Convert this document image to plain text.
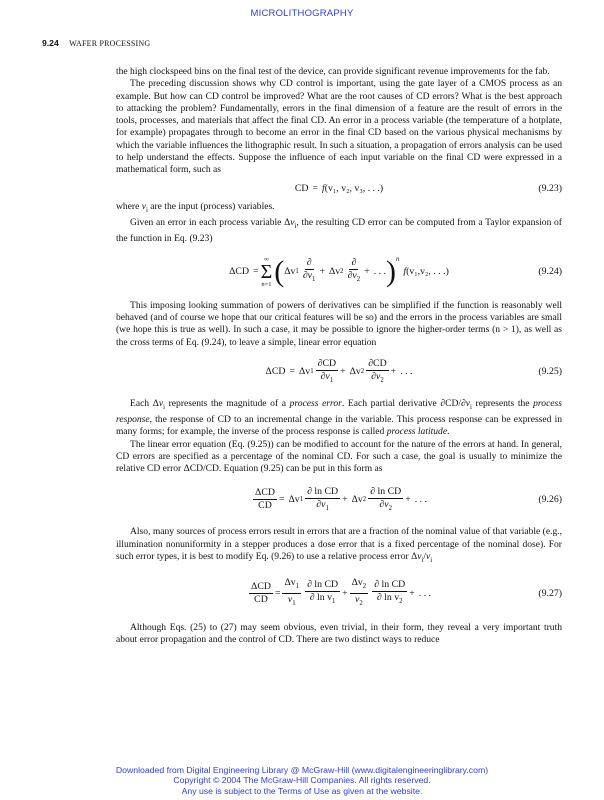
MICROLITHOGRAPHY
9.24 WAFER PROCESSING

the high clockspeed bins on the final test of the device, can provide significant revenue improvements for the fab.

The preceding discussion shows why CD control is important, using the gate layer of a CMOS process as an example. But how can CD control be improved? What are the root causes of CD errors? What is the best approach to attacking the problem? Fundamentally, errors in the final dimension of a feature are the result of errors in the tools, processes, and materials that affect the final CD. An error in a process variable (the temperature of a hotplate, for example) propagates through to become an error in the final CD based on the various physical mechanisms by which the variable influences the lithographic result. In such a situation, a propagation of errors analysis can be used to help understand the effects. Suppose the influence of each input variable on the final CD were expressed in a mathematical form, such as

CD = f (v₁, v₂, v₃, . . .)	(9.23)

where $v_i$ are the input (process) variables.

Given an error in each process variable $\Delta v_i$, the resulting CD error can be computed from a Taylor expansion of the function in Eq. (9.23)

ΔCD =
∞
Σ
n=1 ( Δv $1 \frac{\partial}{\partial v_1} + \Delta v$ $2 \frac{\partial}{\partial v_2}$ + . . . )$^n$
f (v₁,v₂, . . .)	(9.24)

This imposing looking summation of powers of derivatives can be simplified if the function is reasonably well behaved (and of course we hope that our critical features will be so) and the errors in the process variables are small (we hope this is true as well). In such a case, it may be possible to ignore the higher-order terms (n > 1), as well as the cross terms of Eq. (9.24), to leave a simple, linear error equation

ΔCD = Δv $1 \frac{\partial CD}{\partial v_1} + \Delta v$ $2 \frac{\partial CD}{\partial v_2}$ + . . .	(9.25)

Each $\Delta v_i$ represents the magnitude of a process error. Each partial derivative $\partial CD/\partial v_i$ represents the process response, the response of CD to an incremental change in the variable. This process response can be expressed in many forms; for example, the inverse of the process response is called process latitude.

The linear error equation (Eq. (9.25)) can be modified to account for the nature of the errors at hand. In general, CD errors are specified as a percentage of the nominal CD. For such a case, the goal is usually to minimize the relative CD error ΔCD/CD. Equation (9.25) can be put in this form as

$\frac{\text{ΔCD}}{CD} = \Delta v$ $1 \frac{\text{∂ ln CD}}{\partial v_1} + \Delta v$ $2 \frac{\text{∂ ln CD}}{\partial v_2}$ + . . .	(9.26)

Also, many sources of process errors result in errors that are a fraction of the nominal value of that variable (e.g., illumination nonuniformity in a stepper produces a dose error that is a fixed percentage of the nominal dose). For such error types, it is best to modify Eq. (9.26) to use a relative process error $\Delta v_i/v_i$

$\frac{\text{ΔCD}}{CD} = \frac{\Delta v_1}{v_1} \frac{\text{∂ ln CD}}{\partial \ln v_1} + \frac{\Delta v_2}{v_2} \frac{\text{∂ ln CD}}{\partial \ln v_2}$ + . . .	(9.27)

Although Eqs. (25) to (27) may seem obvious, even trivial, in their form, they reveal a very important truth about error propagation and the control of CD. There are two distinct ways to reduce

Downloaded from Digital Engineering Library @ McGraw-Hill (www.digitalengineeringlibrary.com)
Copyright © 2004 The McGraw-Hill Companies. All rights reserved.
Any use is subject to the Terms of Use as given at the website.
